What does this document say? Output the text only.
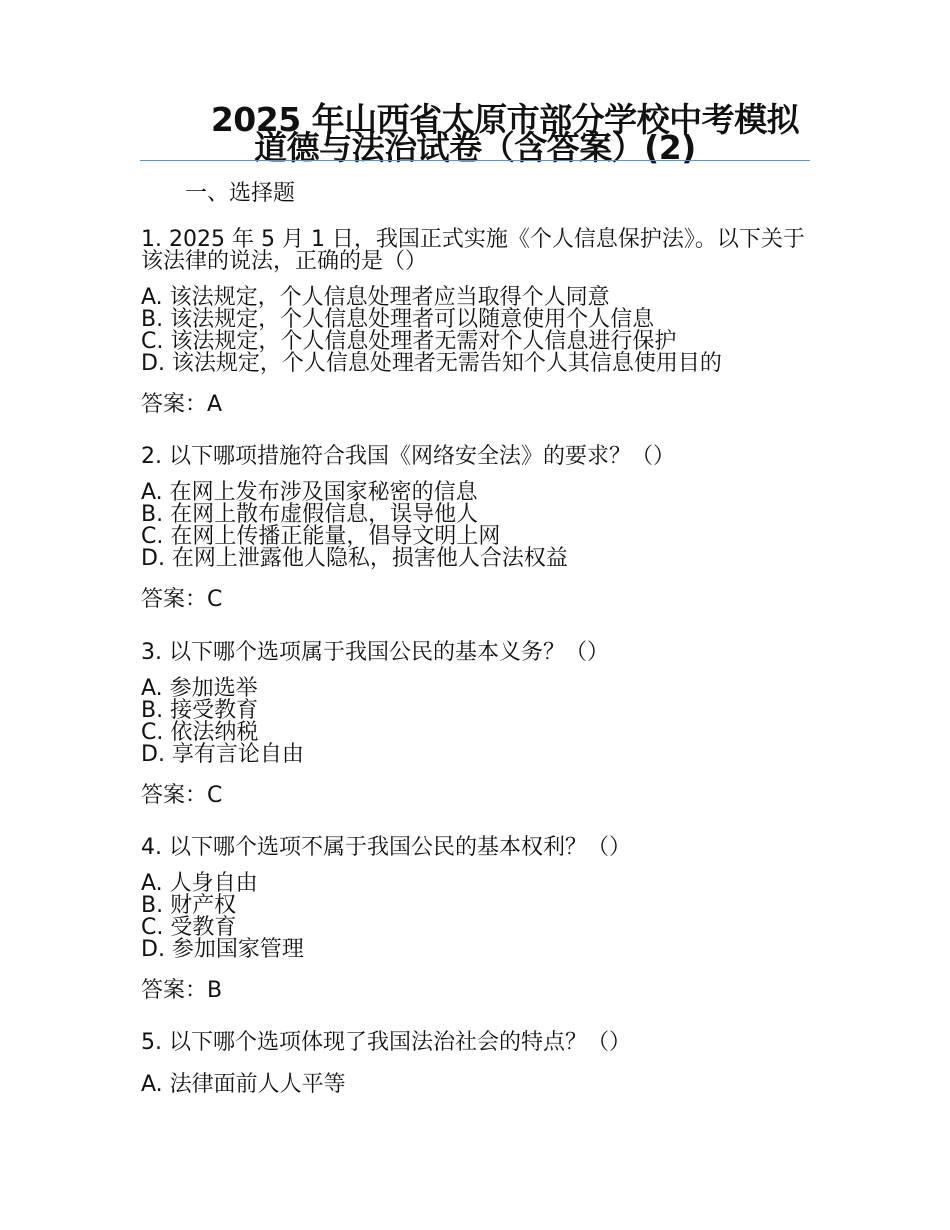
2025 年山西省太原市部分学校中考模拟
道德与法治试卷（含答案）(2)
一、选择题
1. 2025 年 5 月 1 日，我国正式实施《个人信息保护法》。以下关于该法律的说法，正确的是（）
A. 该法规定，个人信息处理者应当取得个人同意
B. 该法规定，个人信息处理者可以随意使用个人信息
C. 该法规定，个人信息处理者无需对个人信息进行保护
D. 该法规定，个人信息处理者无需告知个人其信息使用目的
答案：A
2. 以下哪项措施符合我国《网络安全法》的要求？（）
A. 在网上发布涉及国家秘密的信息
B. 在网上散布虚假信息，误导他人
C. 在网上传播正能量，倡导文明上网
D. 在网上泄露他人隐私，损害他人合法权益
答案：C
3. 以下哪个选项属于我国公民的基本义务？（）
A. 参加选举
B. 接受教育
C. 依法纳税
D. 享有言论自由
答案：C
4. 以下哪个选项不属于我国公民的基本权利？（）
A. 人身自由
B. 财产权
C. 受教育
D. 参加国家管理
答案：B
5. 以下哪个选项体现了我国法治社会的特点？（）
A. 法律面前人人平等
